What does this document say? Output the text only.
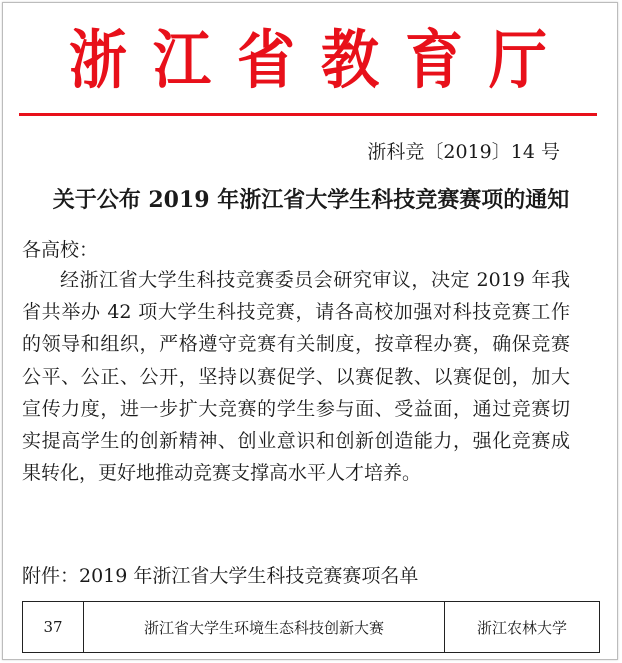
浙江省教育厅
浙科竞〔2019〕14 号
关于公布 2019 年浙江省大学生科技竞赛赛项的通知
各高校：
经浙江省大学生科技竞赛委员会研究审议，决定 2019 年我省共举办 42 项大学生科技竞赛，请各高校加强对科技竞赛工作的领导和组织，严格遵守竞赛有关制度，按章程办赛，确保竞赛公平、公正、公开，坚持以赛促学、以赛促教、以赛促创，加大宣传力度，进一步扩大竞赛的学生参与面、受益面，通过竞赛切实提高学生的创新精神、创业意识和创新创造能力，强化竞赛成果转化，更好地推动竞赛支撑高水平人才培养。
附件：2019 年浙江省大学生科技竞赛赛项名单
37	浙江省大学生环境生态科技创新大赛	浙江农林大学
